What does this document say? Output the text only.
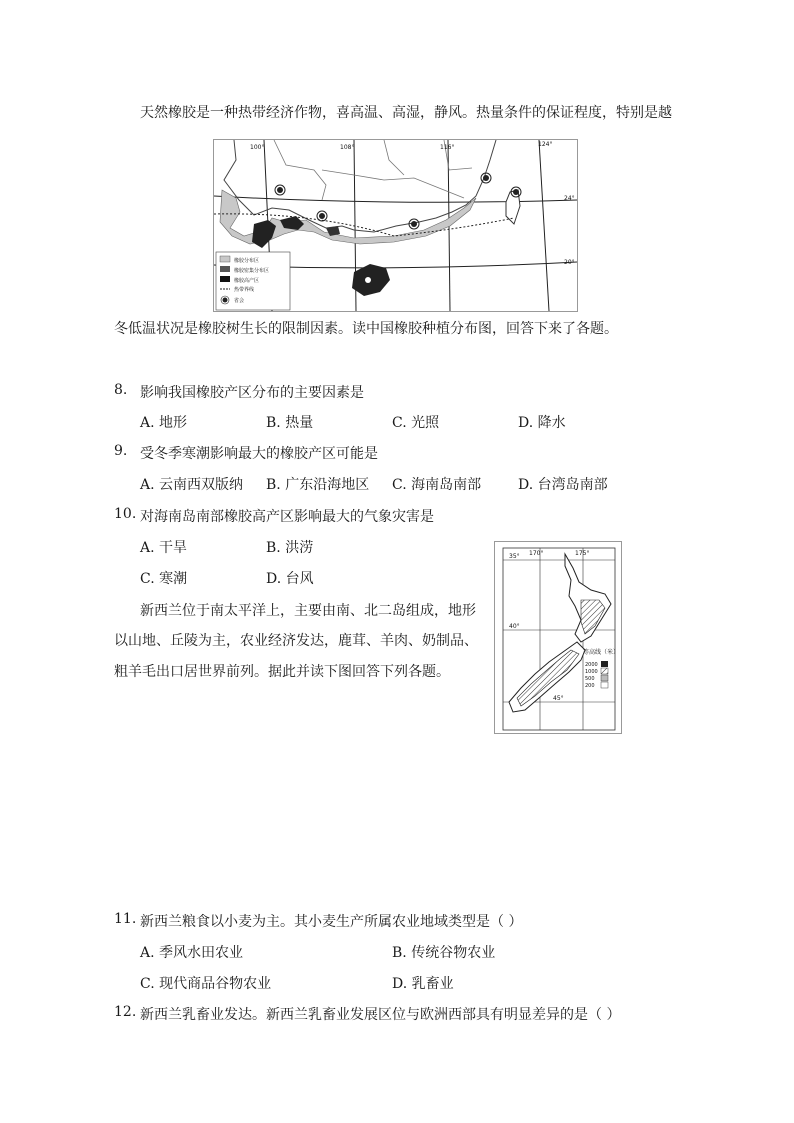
天然橡胶是一种热带经济作物，喜高温、高湿，静风。热量条件的保证程度，特别是越
100°	108°	116°	124°
24°
20°
橡胶分布区
橡胶密集分布区
橡胶高产区
热带界线
省会
冬低温状况是橡胶树生长的限制因素。读中国橡胶种植分布图，回答下来了各题。
8. 影响我国橡胶产区分布的主要因素是
A. 地形	B. 热量	C. 光照	D. 降水
9. 受冬季寒潮影响最大的橡胶产区可能是
A. 云南西双版纳 B. 广东沿海地区 C. 海南岛南部	D. 台湾岛南部
10. 对海南岛南部橡胶高产区影响最大的气象灾害是
A. 干旱	B. 洪涝
C. 寒潮	D. 台风
新西兰位于南太平洋上，主要由南、北二岛组成，地形
以山地、丘陵为主，农业经济发达，鹿茸、羊肉、奶制品、
粗羊毛出口居世界前列。据此并读下图回答下列各题。
35°
40°
45°
170°	175°
等高线（米）
2000
1000
500
200
11. 新西兰粮食以小麦为主。其小麦生产所属农业地域类型是（ ）
A. 季风水田农业	B. 传统谷物农业
C. 现代商品谷物农业	D. 乳畜业
12. 新西兰乳畜业发达。新西兰乳畜业发展区位与欧洲西部具有明显差异的是（ ）
